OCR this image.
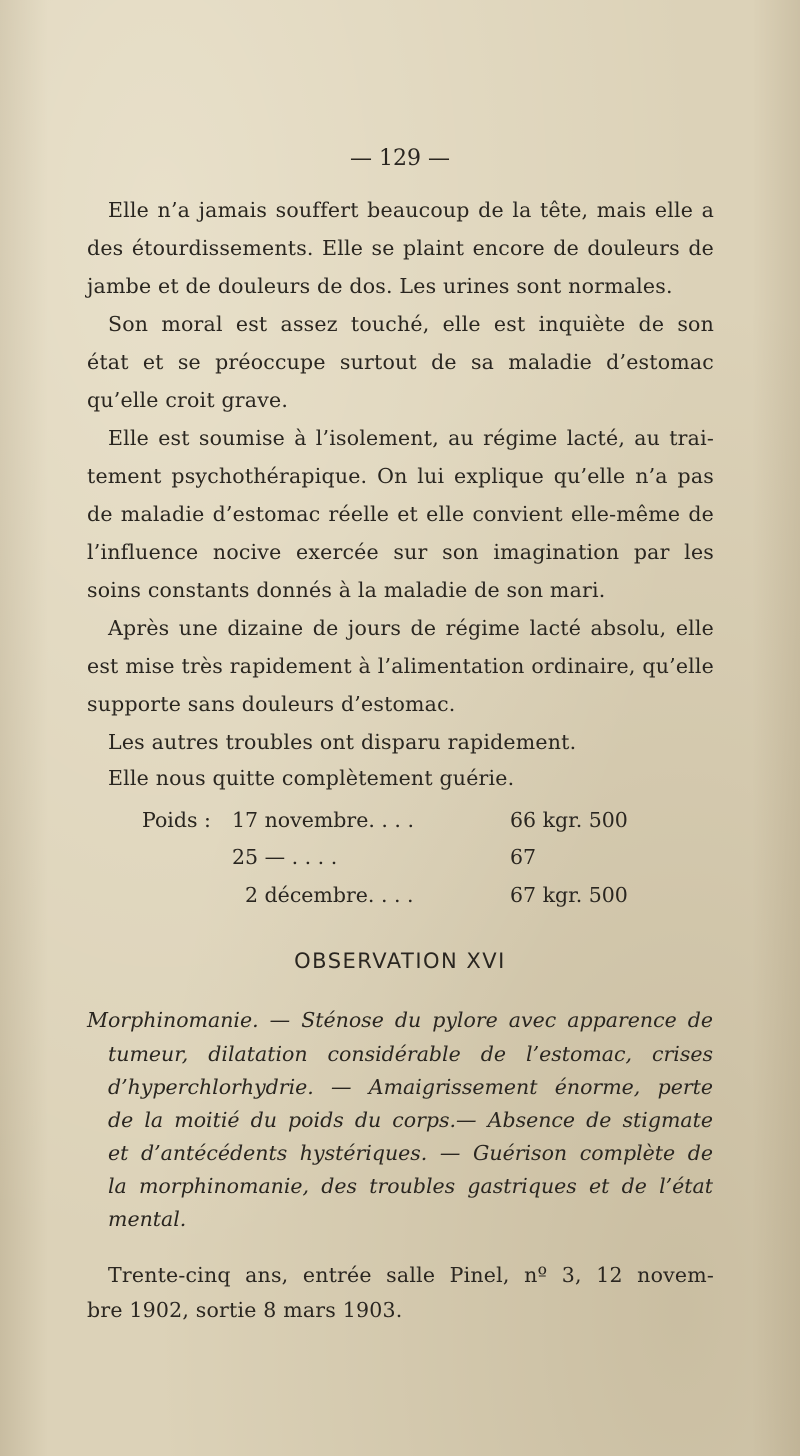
— 129 —
Elle n’a jamais souffert beaucoup de la tête, mais elle a
des étourdissements. Elle se plaint encore de douleurs de
jambe et de douleurs de dos. Les urines sont normales.
Son moral est assez touché, elle est inquiète de son
état et se préoccupe surtout de sa maladie d’estomac
qu’elle croit grave.
Elle est soumise à l’isolement, au régime lacté, au trai-
tement psychothérapique. On lui explique qu’elle n’a pas
de maladie d’estomac réelle et elle convient elle-même de
l’influence nocive exercée sur son imagination par les
soins constants donnés à la maladie de son mari.
Après une dizaine de jours de régime lacté absolu, elle
est mise très rapidement à l’alimentation ordinaire, qu’elle
supporte sans douleurs d’estomac.
Les autres troubles ont disparu rapidement.
Elle nous quitte complètement guérie.
Poids : 17 novembre. . . .	66 kgr. 500
25 — . . . .	67
2 décembre. . . .	67 kgr. 500
OBSERVATION XVI
Morphinomanie. — Sténose du pylore avec apparence de
tumeur, dilatation considérable de l’estomac, crises
d’hyperchlorhydrie. — Amaigrissement énorme, perte
de la moitié du poids du corps.— Absence de stigmate
et d’antécédents hystériques. — Guérison complète de
la morphinomanie, des troubles gastriques et de l’état
mental.
Trente-cinq ans, entrée salle Pinel, nº 3, 12 novem-
bre 1902, sortie 8 mars 1903.
